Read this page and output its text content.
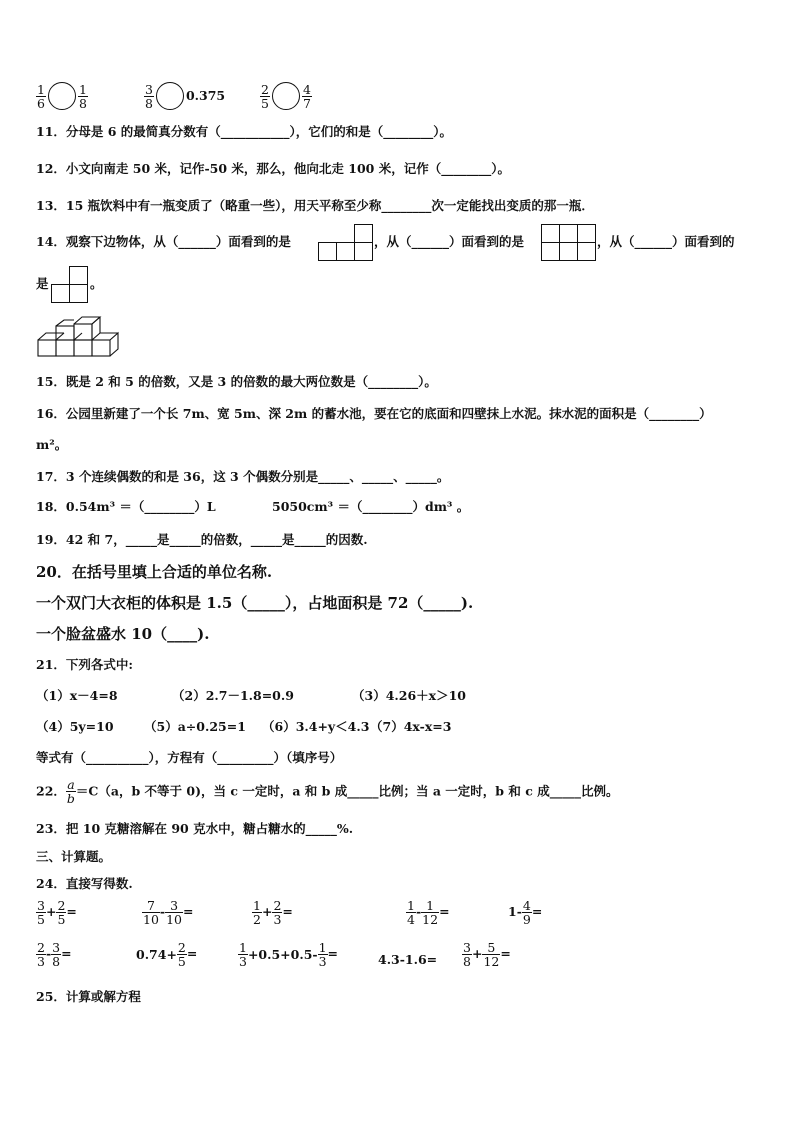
$\frac{1}{6}$	$\frac{1}{8}$	$\frac{3}{8}$	0.375	$\frac{2}{5}$	$\frac{4}{7}$
11．分母是 6 的最简真分数有（___________），它们的和是（________）。
12．小文向南走 50 米，记作-50 米，那么，他向北走 100 米，记作（________）。
13．15 瓶饮料中有一瓶变质了（略重一些），用天平称至少称________次一定能找出变质的那一瓶．
14．观察下边物体，从（______）面看到的是

			，从（______）面看到的是

			，从（______）面看到的
是

		。
15．既是 2 和 5 的倍数，又是 3 的倍数的最大两位数是（________）。
16．公园里新建了一个长 7m、宽 5m、深 2m 的蓄水池，要在它的底面和四壁抹上水泥。抹水泥的面积是（________）
m²。
17．3 个连续偶数的和是 36，这 3 个偶数分别是_____、_____、_____。
18．0.54m³ ＝（________）L	5050cm³ ＝（________）dm³ 。
19．42 和 7，_____是_____的倍数，_____是_____的因数.
20．在括号里填上合适的单位名称.
一个双门大衣柜的体积是 1.5（_____），占地面积是 72（_____).
一个脸盆盛水 10（____).
21．下列各式中:
（1）x－4=8	（2）2.7－1.8=0.9	（3）4.26＋x＞10
（4）5y=10 （5）a÷0.25=1 （6）3.4+y＜4.3 （7）4x-x=3
等式有（__________），方程有（_________）（填序号）
22． $\frac{a}{b} =C(a$，b 不等于 0)，当 c 一定时，a 和 b 成_____比例；当 a 一定时，b 和 c 成_____比例。
23．把 10 克糖溶解在 90 克水中，糖占糖水的_____%.
三、计算题。
24．直接写得数.
$\frac{3}{5} + \frac{2}{5}$ =	$\frac{7}{10} - \frac{3}{10}$ =	$\frac{1}{2} + \frac{2}{3}$ =	$\frac{1}{4} - \frac{1}{12}$ =	$1- \frac{4}{9}$ =
$\frac{2}{3} - \frac{3}{8}$ =	$0.74+ \frac{2}{5}$ =	$\frac{1}{3} +0.5+0.5- \frac{1}{3}$ =	$4.3-1.6= \frac{3}{8} + \frac{5}{12}$ =
25．计算或解方程
